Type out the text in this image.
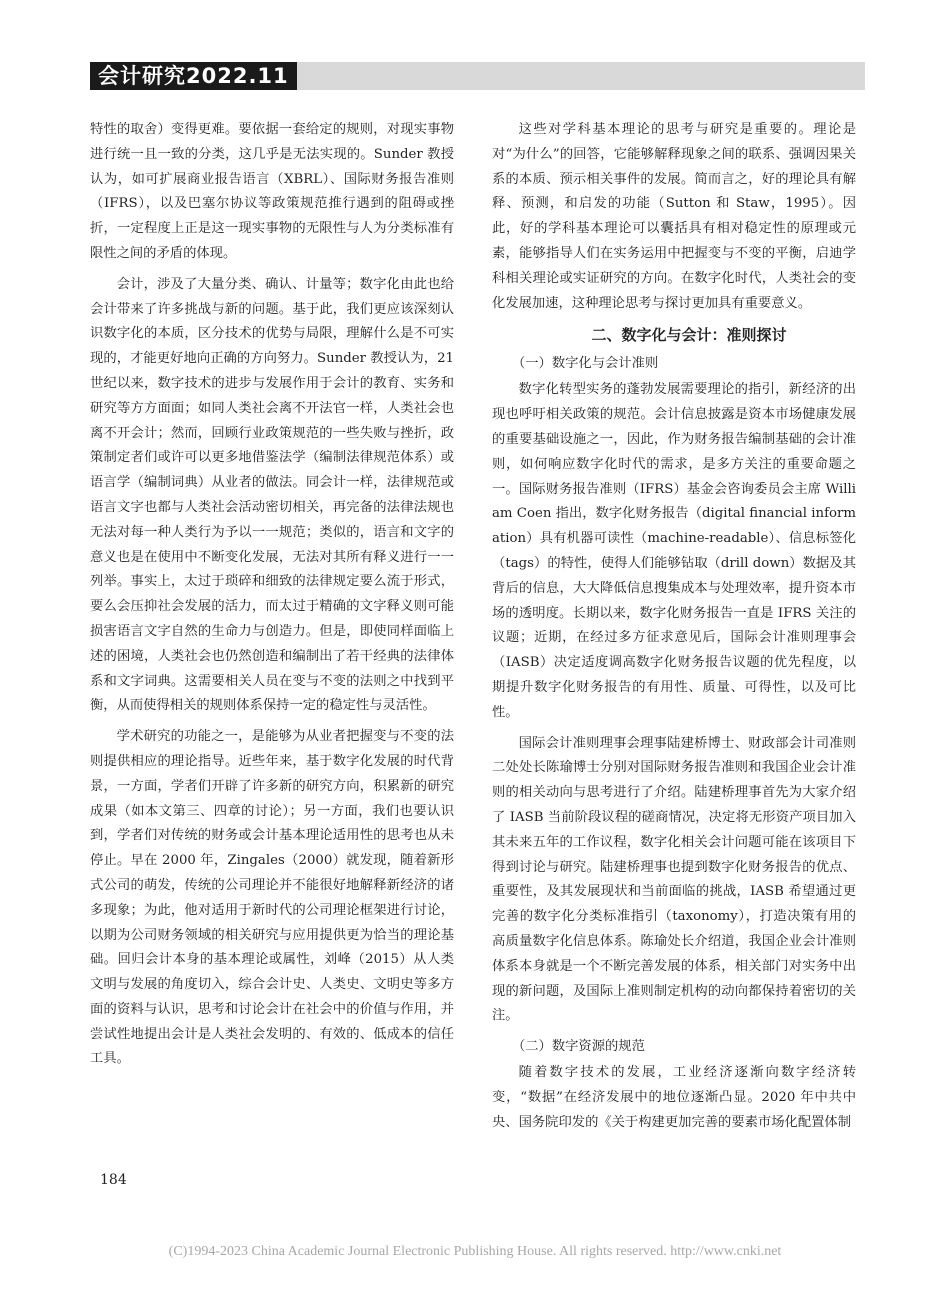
会计研究2022.11

特性的取舍）变得更难。要依据一套给定的规则，对现实事物进行统一且一致的分类，这几乎是无法实现的。Sunder 教授认为，如可扩展商业报告语言（XBRL）、国际财务报告准则（IFRS），以及巴塞尔协议等政策规范推行遇到的阻碍或挫折，一定程度上正是这一现实事物的无限性与人为分类标准有限性之间的矛盾的体现。

会计，涉及了大量分类、确认、计量等；数字化由此也给会计带来了许多挑战与新的问题。基于此，我们更应该深刻认识数字化的本质，区分技术的优势与局限，理解什么是不可实现的，才能更好地向正确的方向努力。Sunder 教授认为，21 世纪以来，数字技术的进步与发展作用于会计的教育、实务和研究等方方面面；如同人类社会离不开法官一样，人类社会也离不开会计；然而，回顾行业政策规范的一些失败与挫折，政策制定者们或许可以更多地借鉴法学（编制法律规范体系）或语言学（编制词典）从业者的做法。同会计一样，法律规范或语言文字也都与人类社会活动密切相关，再完备的法律法规也无法对每一种人类行为予以一一规范；类似的，语言和文字的意义也是在使用中不断变化发展，无法对其所有释义进行一一列举。事实上，太过于琐碎和细致的法律规定要么流于形式，要么会压抑社会发展的活力，而太过于精确的文字释义则可能损害语言文字自然的生命力与创造力。但是，即使同样面临上述的困境，人类社会也仍然创造和编制出了若干经典的法律体系和文字词典。这需要相关人员在变与不变的法则之中找到平衡，从而使得相关的规则体系保持一定的稳定性与灵活性。

学术研究的功能之一，是能够为从业者把握变与不变的法则提供相应的理论指导。近些年来，基于数字化发展的时代背景，一方面，学者们开辟了许多新的研究方向，积累新的研究成果（如本文第三、四章的讨论）；另一方面，我们也要认识到，学者们对传统的财务或会计基本理论适用性的思考也从未停止。早在 2000 年，Zingales（2000）就发现，随着新形式公司的萌发，传统的公司理论并不能很好地解释新经济的诸多现象；为此，他对适用于新时代的公司理论框架进行讨论，以期为公司财务领域的相关研究与应用提供更为恰当的理论基础。回归会计本身的基本理论或属性，刘峰（2015）从人类文明与发展的角度切入，综合会计史、人类史、文明史等多方面的资料与认识，思考和讨论会计在社会中的价值与作用，并尝试性地提出会计是人类社会发明的、有效的、低成本的信任工具。

这些对学科基本理论的思考与研究是重要的。理论是对“为什么”的回答，它能够解释现象之间的联系、强调因果关系的本质、预示相关事件的发展。简而言之，好的理论具有解释、预测，和启发的功能（Sutton 和 Staw，1995）。因此，好的学科基本理论可以囊括具有相对稳定性的原理或元素，能够指导人们在实务运用中把握变与不变的平衡，启迪学科相关理论或实证研究的方向。在数字化时代，人类社会的变化发展加速，这种理论思考与探讨更加具有重要意义。

二、数字化与会计：准则探讨
（一）数字化与会计准则

数字化转型实务的蓬勃发展需要理论的指引，新经济的出现也呼吁相关政策的规范。会计信息披露是资本市场健康发展的重要基础设施之一，因此，作为财务报告编制基础的会计准则，如何响应数字化时代的需求，是多方关注的重要命题之一。国际财务报告准则（IFRS）基金会咨询委员会主席 William Coen 指出，数字化财务报告（digital financial information）具有机器可读性（machine-readable）、信息标签化（tags）的特性，使得人们能够钻取（drill down）数据及其背后的信息，大大降低信息搜集成本与处理效率，提升资本市场的透明度。长期以来，数字化财务报告一直是 IFRS 关注的议题；近期，在经过多方征求意见后，国际会计准则理事会（IASB）决定适度调高数字化财务报告议题的优先程度，以期提升数字化财务报告的有用性、质量、可得性，以及可比性。

国际会计准则理事会理事陆建桥博士、财政部会计司准则二处处长陈瑜博士分别对国际财务报告准则和我国企业会计准则的相关动向与思考进行了介绍。陆建桥理事首先为大家介绍了 IASB 当前阶段议程的磋商情况，决定将无形资产项目加入其未来五年的工作议程，数字化相关会计问题可能在该项目下得到讨论与研究。陆建桥理事也提到数字化财务报告的优点、重要性，及其发展现状和当前面临的挑战，IASB 希望通过更完善的数字化分类标准指引（taxonomy），打造决策有用的高质量数字化信息体系。陈瑜处长介绍道，我国企业会计准则体系本身就是一个不断完善发展的体系，相关部门对实务中出现的新问题，及国际上准则制定机构的动向都保持着密切的关注。

（二）数字资源的规范

随着数字技术的发展，工业经济逐渐向数字经济转变，“数据”在经济发展中的地位逐渐凸显。2020 年中共中央、国务院印发的《关于构建更加完善的要素市场化配置体制

184
(C)1994-2023 China Academic Journal Electronic Publishing House. All rights reserved. http://www.cnki.net
